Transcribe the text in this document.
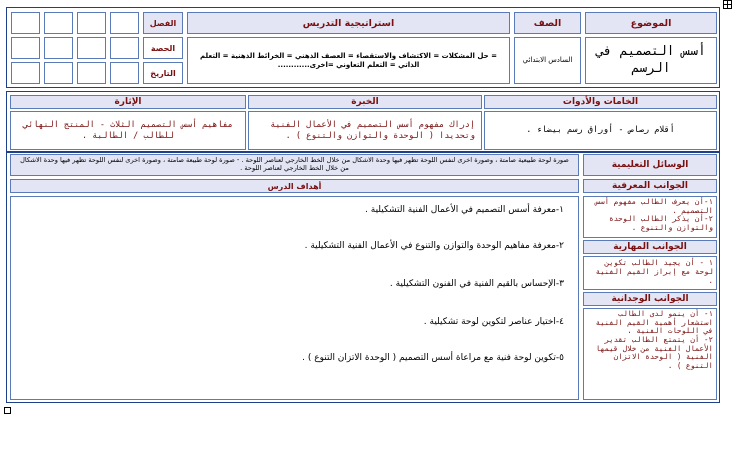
الفصل
الحصة
التاريخ
استراتيجية التدريس
= حل المشكلات = الاكتشاف والاستقصاء = العصف الذهني = الخرائط الذهنية = التعلم الذاتي = التعلم التعاوني =اخرى............
الصف
السادس الابتدائي
الموضوع
أسس التصميم في الرسم
الإثارة
مفاهيم أسس التصميم الثلاث - المنتج النهائي للطالب / الطالبة .
الخبرة
إدراك مفهوم أسس التصميم في الأعمال الفنية وتحديدا ( الوحدة والتوازن والتنوع ) .
الخامات والأدوات
أقلام رصاص - أوراق رسم بيضاء .
صورة لوحة طبيعية صامتة ، وصورة اخرى لنفس اللوحة تظهر فيها وحدة الاشكال من خلال الخط الخارجي لعناصر اللوحة . - صورة لوحة طبيعة صامتة ، وصورة اخرى لنفس اللوحة تظهر فيها وحدة الاشكال من خلال الخط الخارجي لعناصر اللوحة .	الوسائل التعليمية
أهداف الدرس	الجوانب المعرفية
١-معرفة أسس التصميم في الأعمال الفنية التشكيلية .
٢-معرفة مفاهيم الوحدة والتوازن والتنوع في الأعمال الفنية التشكيلية .
٣-الإحساس بالقيم الفنية في الفنون التشكيلية .
٤-اختيار عناصر لتكوين لوحة تشكيلية .
٥-تكوين لوحة فنية مع مراعاة أسس التصميم ( الوحدة الاتزان التنوع ) .
١-أن يعرف الطالب مفهوم أسس التصميم .
٢-أن يذكر الطالب الوحدة والتوازن والتنوع .
الجوانب المهارية
١ - أن يجيد الطالب تكوين لوحة مع إبراز القيم الفنية .
الجوانب الوجدانية
١- أن ينمو لدى الطالب استشعار أهمية القيم الفنية في اللوحات الفنية .
٢- أن يتمتع الطالب تقدير الأعمال الفنية من خلال قيمها الفنية ( الوحدة الاتزان التنوع ) .
